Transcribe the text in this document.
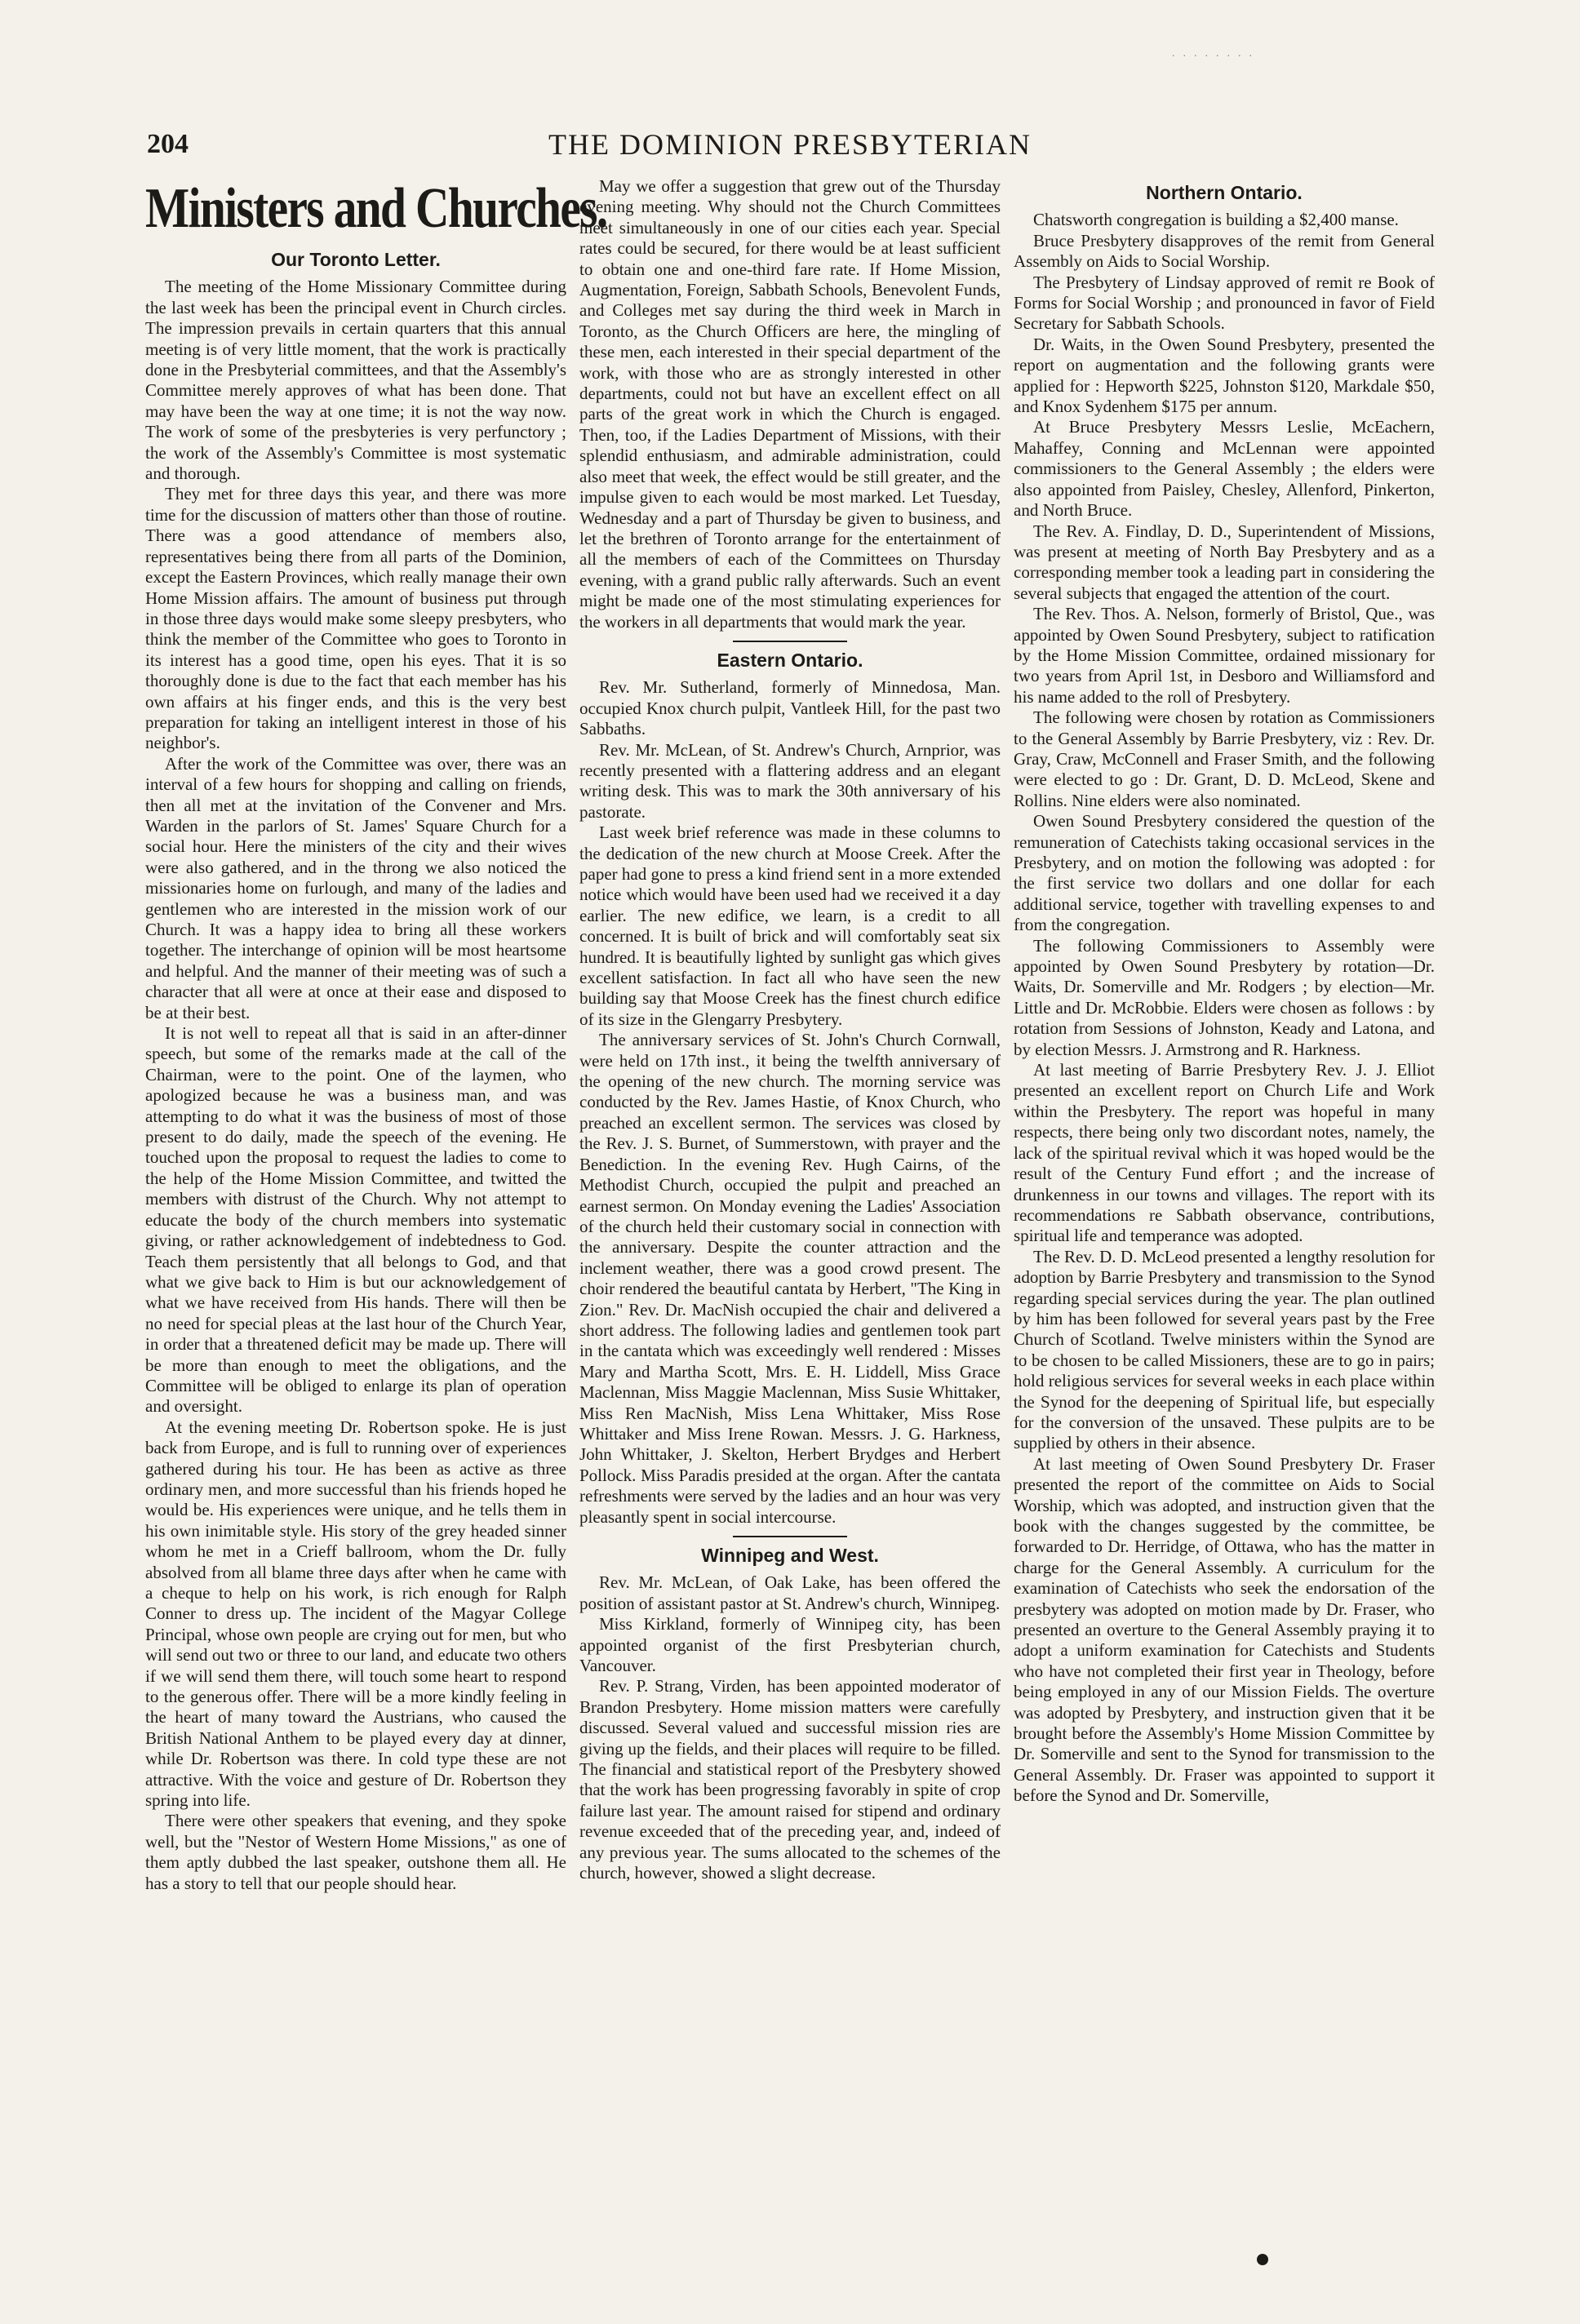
........
204	THE DOMINION PRESBYTERIAN
Ministers and Churches.
Our Toronto Letter.

The meeting of the Home Missionary Committee during the last week has been the principal event in Church circles. The impression prevails in certain quarters that this annual meeting is of very little moment, that the work is practically done in the Presbyterial committees, and that the Assembly's Committee merely approves of what has been done. That may have been the way at one time; it is not the way now. The work of some of the presbyteries is very perfunctory ; the work of the Assembly's Committee is most systematic and thorough.

They met for three days this year, and there was more time for the discussion of matters other than those of routine. There was a good attendance of members also, representatives being there from all parts of the Dominion, except the Eastern Provinces, which really manage their own Home Mission affairs. The amount of business put through in those three days would make some sleepy presbyters, who think the member of the Committee who goes to Toronto in its interest has a good time, open his eyes. That it is so thoroughly done is due to the fact that each member has his own affairs at his finger ends, and this is the very best preparation for taking an intelligent interest in those of his neighbor's.

After the work of the Committee was over, there was an interval of a few hours for shopping and calling on friends, then all met at the invitation of the Convener and Mrs. Warden in the parlors of St. James' Square Church for a social hour. Here the ministers of the city and their wives were also gathered, and in the throng we also noticed the missionaries home on furlough, and many of the ladies and gentlemen who are interested in the mission work of our Church. It was a happy idea to bring all these workers together. The interchange of opinion will be most heartsome and helpful. And the manner of their meeting was of such a character that all were at once at their ease and disposed to be at their best.

It is not well to repeat all that is said in an after-dinner speech, but some of the remarks made at the call of the Chairman, were to the point. One of the laymen, who apologized because he was a business man, and was attempting to do what it was the business of most of those present to do daily, made the speech of the evening. He touched upon the proposal to request the ladies to come to the help of the Home Mission Committee, and twitted the members with distrust of the Church. Why not attempt to educate the body of the church members into systematic giving, or rather acknowledgement of indebtedness to God. Teach them persistently that all belongs to God, and that what we give back to Him is but our acknowledgement of what we have received from His hands. There will then be no need for special pleas at the last hour of the Church Year, in order that a threatened deficit may be made up. There will be more than enough to meet the obligations, and the Committee will be obliged to enlarge its plan of operation and oversight.

At the evening meeting Dr. Robertson spoke. He is just back from Europe, and is full to running over of experiences gathered during his tour. He has been as active as three ordinary men, and more successful than his friends hoped he would be. His experiences were unique, and he tells them in his own inimitable style. His story of the grey headed sinner whom he met in a Crieff ballroom, whom the Dr. fully absolved from all blame three days after when he came with a cheque to help on his work, is rich enough for Ralph Conner to dress up. The incident of the Magyar College Principal, whose own people are crying out for men, but who will send out two or three to our land, and educate two others if we will send them there, will touch some heart to respond to the generous offer. There will be a more kindly feeling in the heart of many toward the Austrians, who caused the British National Anthem to be played every day at dinner, while Dr. Robertson was there. In cold type these are not attractive. With the voice and gesture of Dr. Robertson they spring into life.

There were other speakers that evening, and they spoke well, but the "Nestor of Western Home Missions," as one of them aptly dubbed the last speaker, outshone them all. He has a story to tell that our people should hear.

May we offer a suggestion that grew out of the Thursday evening meeting. Why should not the Church Committees meet simultaneously in one of our cities each year. Special rates could be secured, for there would be at least sufficient to obtain one and one-third fare rate. If Home Mission, Augmentation, Foreign, Sabbath Schools, Benevolent Funds, and Colleges met say during the third week in March in Toronto, as the Church Officers are here, the mingling of these men, each interested in their special department of the work, with those who are as strongly interested in other departments, could not but have an excellent effect on all parts of the great work in which the Church is engaged. Then, too, if the Ladies Department of Missions, with their splendid enthusiasm, and admirable administration, could also meet that week, the effect would be still greater, and the impulse given to each would be most marked. Let Tuesday, Wednesday and a part of Thursday be given to business, and let the brethren of Toronto arrange for the entertainment of all the members of each of the Committees on Thursday evening, with a grand public rally afterwards. Such an event might be made one of the most stimulating experiences for the workers in all departments that would mark the year.

Eastern Ontario.

Rev. Mr. Sutherland, formerly of Minnedosa, Man. occupied Knox church pulpit, Vantleek Hill, for the past two Sabbaths.

Rev. Mr. McLean, of St. Andrew's Church, Arnprior, was recently presented with a flattering address and an elegant writing desk. This was to mark the 30th anniversary of his pastorate.

Last week brief reference was made in these columns to the dedication of the new church at Moose Creek. After the paper had gone to press a kind friend sent in a more extended notice which would have been used had we received it a day earlier. The new edifice, we learn, is a credit to all concerned. It is built of brick and will comfortably seat six hundred. It is beautifully lighted by sunlight gas which gives excellent satisfaction. In fact all who have seen the new building say that Moose Creek has the finest church edifice of its size in the Glengarry Presbytery.

The anniversary services of St. John's Church Cornwall, were held on 17th inst., it being the twelfth anniversary of the opening of the new church. The morning service was conducted by the Rev. James Hastie, of Knox Church, who preached an excellent sermon. The services was closed by the Rev. J. S. Burnet, of Summerstown, with prayer and the Benediction. In the evening Rev. Hugh Cairns, of the Methodist Church, occupied the pulpit and preached an earnest sermon. On Monday evening the Ladies' Association of the church held their customary social in connection with the anniversary. Despite the counter attraction and the inclement weather, there was a good crowd present. The choir rendered the beautiful cantata by Herbert, "The King in Zion." Rev. Dr. MacNish occupied the chair and delivered a short address. The following ladies and gentlemen took part in the cantata which was exceedingly well rendered : Misses Mary and Martha Scott, Mrs. E. H. Liddell, Miss Grace Maclennan, Miss Maggie Maclennan, Miss Susie Whittaker, Miss Ren MacNish, Miss Lena Whittaker, Miss Rose Whittaker and Miss Irene Rowan. Messrs. J. G. Harkness, John Whittaker, J. Skelton, Herbert Brydges and Herbert Pollock. Miss Paradis presided at the organ. After the cantata refreshments were served by the ladies and an hour was very pleasantly spent in social intercourse.

Winnipeg and West.

Rev. Mr. McLean, of Oak Lake, has been offered the position of assistant pastor at St. Andrew's church, Winnipeg.

Miss Kirkland, formerly of Winnipeg city, has been appointed organist of the first Presbyterian church, Vancouver.

Rev. P. Strang, Virden, has been appointed moderator of Brandon Presbytery. Home mission matters were carefully discussed. Several valued and successful mission ries are giving up the fields, and their places will require to be filled. The financial and statistical report of the Presbytery showed that the work has been progressing favorably in spite of crop failure last year. The amount raised for stipend and ordinary revenue exceeded that of the preceding year, and, indeed of any previous year. The sums allocated to the schemes of the church, however, showed a slight decrease.

Northern Ontario.

Chatsworth congregation is building a $2,400 manse.

Bruce Presbytery disapproves of the remit from General Assembly on Aids to Social Worship.

The Presbytery of Lindsay approved of remit re Book of Forms for Social Worship ; and pronounced in favor of Field Secretary for Sabbath Schools.

Dr. Waits, in the Owen Sound Presbytery, presented the report on augmentation and the following grants were applied for : Hepworth $225, Johnston $120, Markdale $50, and Knox Sydenhem $175 per annum.

At Bruce Presbytery Messrs Leslie, McEachern, Mahaffey, Conning and McLennan were appointed commissioners to the General Assembly ; the elders were also appointed from Paisley, Chesley, Allenford, Pinkerton, and North Bruce.

The Rev. A. Findlay, D. D., Superintendent of Missions, was present at meeting of North Bay Presbytery and as a corresponding member took a leading part in considering the several subjects that engaged the attention of the court.

The Rev. Thos. A. Nelson, formerly of Bristol, Que., was appointed by Owen Sound Presbytery, subject to ratification by the Home Mission Committee, ordained missionary for two years from April 1st, in Desboro and Williamsford and his name added to the roll of Presbytery.

The following were chosen by rotation as Commissioners to the General Assembly by Barrie Presbytery, viz : Rev. Dr. Gray, Craw, McConnell and Fraser Smith, and the following were elected to go : Dr. Grant, D. D. McLeod, Skene and Rollins. Nine elders were also nominated.

Owen Sound Presbytery considered the question of the remuneration of Catechists taking occasional services in the Presbytery, and on motion the following was adopted : for the first service two dollars and one dollar for each additional service, together with travelling expenses to and from the congregation.

The following Commissioners to Assembly were appointed by Owen Sound Presbytery by rotation—Dr. Waits, Dr. Somerville and Mr. Rodgers ; by election—Mr. Little and Dr. McRobbie. Elders were chosen as follows : by rotation from Sessions of Johnston, Keady and Latona, and by election Messrs. J. Armstrong and R. Harkness.

At last meeting of Barrie Presbytery Rev. J. J. Elliot presented an excellent report on Church Life and Work within the Presbytery. The report was hopeful in many respects, there being only two discordant notes, namely, the lack of the spiritual revival which it was hoped would be the result of the Century Fund effort ; and the increase of drunkenness in our towns and villages. The report with its recommendations re Sabbath observance, contributions, spiritual life and temperance was adopted.

The Rev. D. D. McLeod presented a lengthy resolution for adoption by Barrie Presbytery and transmission to the Synod regarding special services during the year. The plan outlined by him has been followed for several years past by the Free Church of Scotland. Twelve ministers within the Synod are to be chosen to be called Missioners, these are to go in pairs; hold religious services for several weeks in each place within the Synod for the deepening of Spiritual life, but especially for the conversion of the unsaved. These pulpits are to be supplied by others in their absence.

At last meeting of Owen Sound Presbytery Dr. Fraser presented the report of the committee on Aids to Social Worship, which was adopted, and instruction given that the book with the changes suggested by the committee, be forwarded to Dr. Herridge, of Ottawa, who has the matter in charge for the General Assembly. A curriculum for the examination of Catechists who seek the endorsation of the presbytery was adopted on motion made by Dr. Fraser, who presented an overture to the General Assembly praying it to adopt a uniform examination for Catechists and Students who have not completed their first year in Theology, before being employed in any of our Mission Fields. The overture was adopted by Presbytery, and instruction given that it be brought before the Assembly's Home Mission Committee by Dr. Somerville and sent to the Synod for transmission to the General Assembly. Dr. Fraser was appointed to support it before the Synod and Dr. Somerville,
